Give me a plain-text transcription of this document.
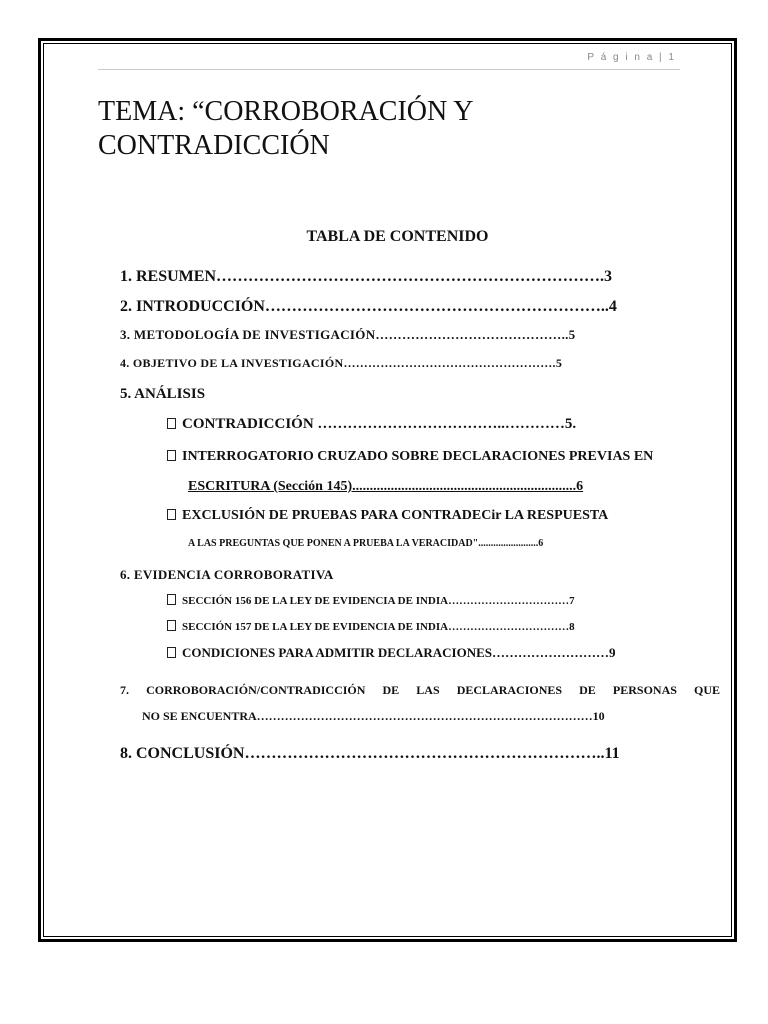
P á g i n a | 1
TEMA: “CORROBORACIÓN Y CONTRADICCIÓN
TABLA DE CONTENIDO

1. RESUMEN……………………………………………………………….3

2. INTRODUCCIÓN………………………………………………………..4

3. METODOLOGÍA DE INVESTIGACIÓN……………………………………..5

4. OBJETIVO DE LA INVESTIGACIÓN…………………………………………….5

5. ANÁLISIS

CONTRADICCIÓN ………………………………..…………5.

INTERROGATORIO CRUZADO SOBRE DECLARACIONES PREVIAS EN

ESCRITURA (Sección 145)................................................................6

EXCLUSIÓN DE PRUEBAS PARA CONTRADECir LA RESPUESTA

A LAS PREGUNTAS QUE PONEN A PRUEBA LA VERACIDAD"........................6

6. EVIDENCIA CORROBORATIVA

SECCIÓN 156 DE LA LEY DE EVIDENCIA DE INDIA……………………………7

SECCIÓN 157 DE LA LEY DE EVIDENCIA DE INDIA……………………………8

CONDICIONES PARA ADMITIR DECLARACIONES………………………9

7. CORROBORACIÓN/CONTRADICCIÓN DE LAS DECLARACIONES DE PERSONAS QUE

NO SE ENCUENTRA…………………………………………………………………………10

8. CONCLUSIÓN…………………………………………………………..11
